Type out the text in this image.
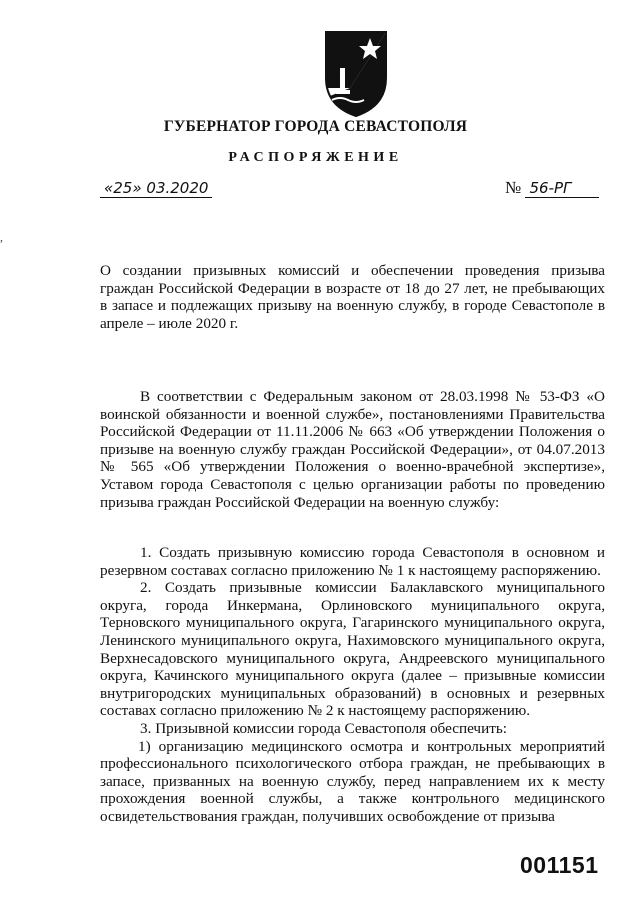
ГУБЕРНАТОР ГОРОДА СЕВАСТОПОЛЯ
РАСПОРЯЖЕНИЕ
«25» 03.2020	№ 56-РГ
,

О создании призывных комиссий и обеспечении проведения призыва граждан Российской Федерации в возрасте от 18 до 27 лет, не пребывающих в запасе и подлежащих призыву на военную службу, в городе Севастополе в апреле – июле 2020 г.

В соответствии с Федеральным законом от 28.03.1998 № 53-ФЗ «О воинской обязанности и военной службе», постановлениями Правительства Российской Федерации от 11.11.2006 № 663 «Об утверждении Положения о призыве на военную службу граждан Российской Федерации», от 04.07.2013 № 565 «Об утверждении Положения о военно-врачебной экспертизе», Уставом города Севастополя с целью организации работы по проведению призыва граждан Российской Федерации на военную службу:

1. Создать призывную комиссию города Севастополя в основном и резервном составах согласно приложению № 1 к настоящему распоряжению.

2. Создать призывные комиссии Балаклавского муниципального округа, города Инкермана, Орлиновского муниципального округа, Терновского муниципального округа, Гагаринского муниципального округа, Ленинского муниципального округа, Нахимовского муниципального округа, Верхнесадовского муниципального округа, Андреевского муниципального округа, Качинского муниципального округа (далее – призывные комиссии внутригородских муниципальных образований) в основных и резервных составах согласно приложению № 2 к настоящему распоряжению.

3. Призывной комиссии города Севастополя обеспечить:

1) организацию медицинского осмотра и контрольных мероприятий профессионального психологического отбора граждан, не пребывающих в запасе, призванных на военную службу, перед направлением их к месту прохождения военной службы, а также контрольного медицинского освидетельствования граждан, получивших освобождение от призыва

001151
